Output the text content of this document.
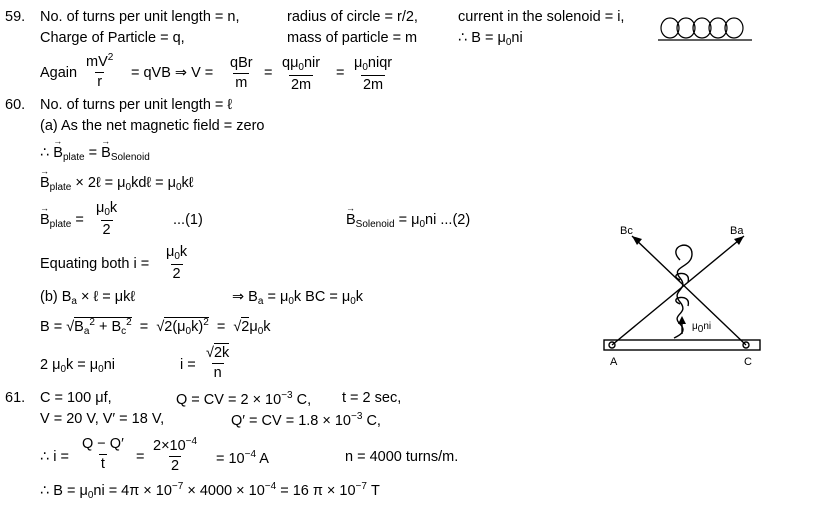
59. No. of turns per unit length = n,	radius of circle = r/2,	current in the solenoid = i,
Charge of Particle = q,	mass of particle = m	∴ $B = \mu_0ni$
Again $\frac{mV^2}{r}$ = qVB ⇒ V =
qBr
m
=
$q\mu_0nir$
2m
=
$\mu_0niqr$
2m
60. No. of turns per unit length = ℓ
(a) As the net magnetic field = zero
∴ → $B_{plate}$ = → $B_{Solenoid}$
→ $B_{plate}$ × 2ℓ = $\mu_0kd\ell$ = $\mu_0k\ell$
→ $B_{plate} = \frac{\mu_0k}{2}$	...(1)	→ $B_{Solenoid} = \mu_0ni$ ...(2)
Equating both $i = \frac{\mu_0k}{2}$
(b) $B_a$ × ℓ = μkℓ	⇒ $B_a = \mu_0k$ BC = $\mu_0k$
$B = √B_a^2 + B_c^2 = √2(\mu_0k)^2 = √2\mu_0k$
2 $\mu_0k = \mu_0ni$	$i = \frac{√2k}{n}$
Bc	Ba
A	C
$\mu_0ni$
61. C = 100 μf,	Q = CV = $2 \times 10^{-3}$ C, t = 2 sec,
V = 20 V, V′ = 18 V,	Q′ = CV = $1.8 \times 10^{-3}$ C,
∴ $i = \frac{Q - Q'}{t} = \frac{2\times 10^{-4}}{2} = 10^{-4}$ A	n = 4000 turns/m.
∴ $B = \mu_0ni = 4\pi \times 10^{-7} \times 4000 \times 10^{-4} = 16$ $\pi \times 10^{-7}$ T
